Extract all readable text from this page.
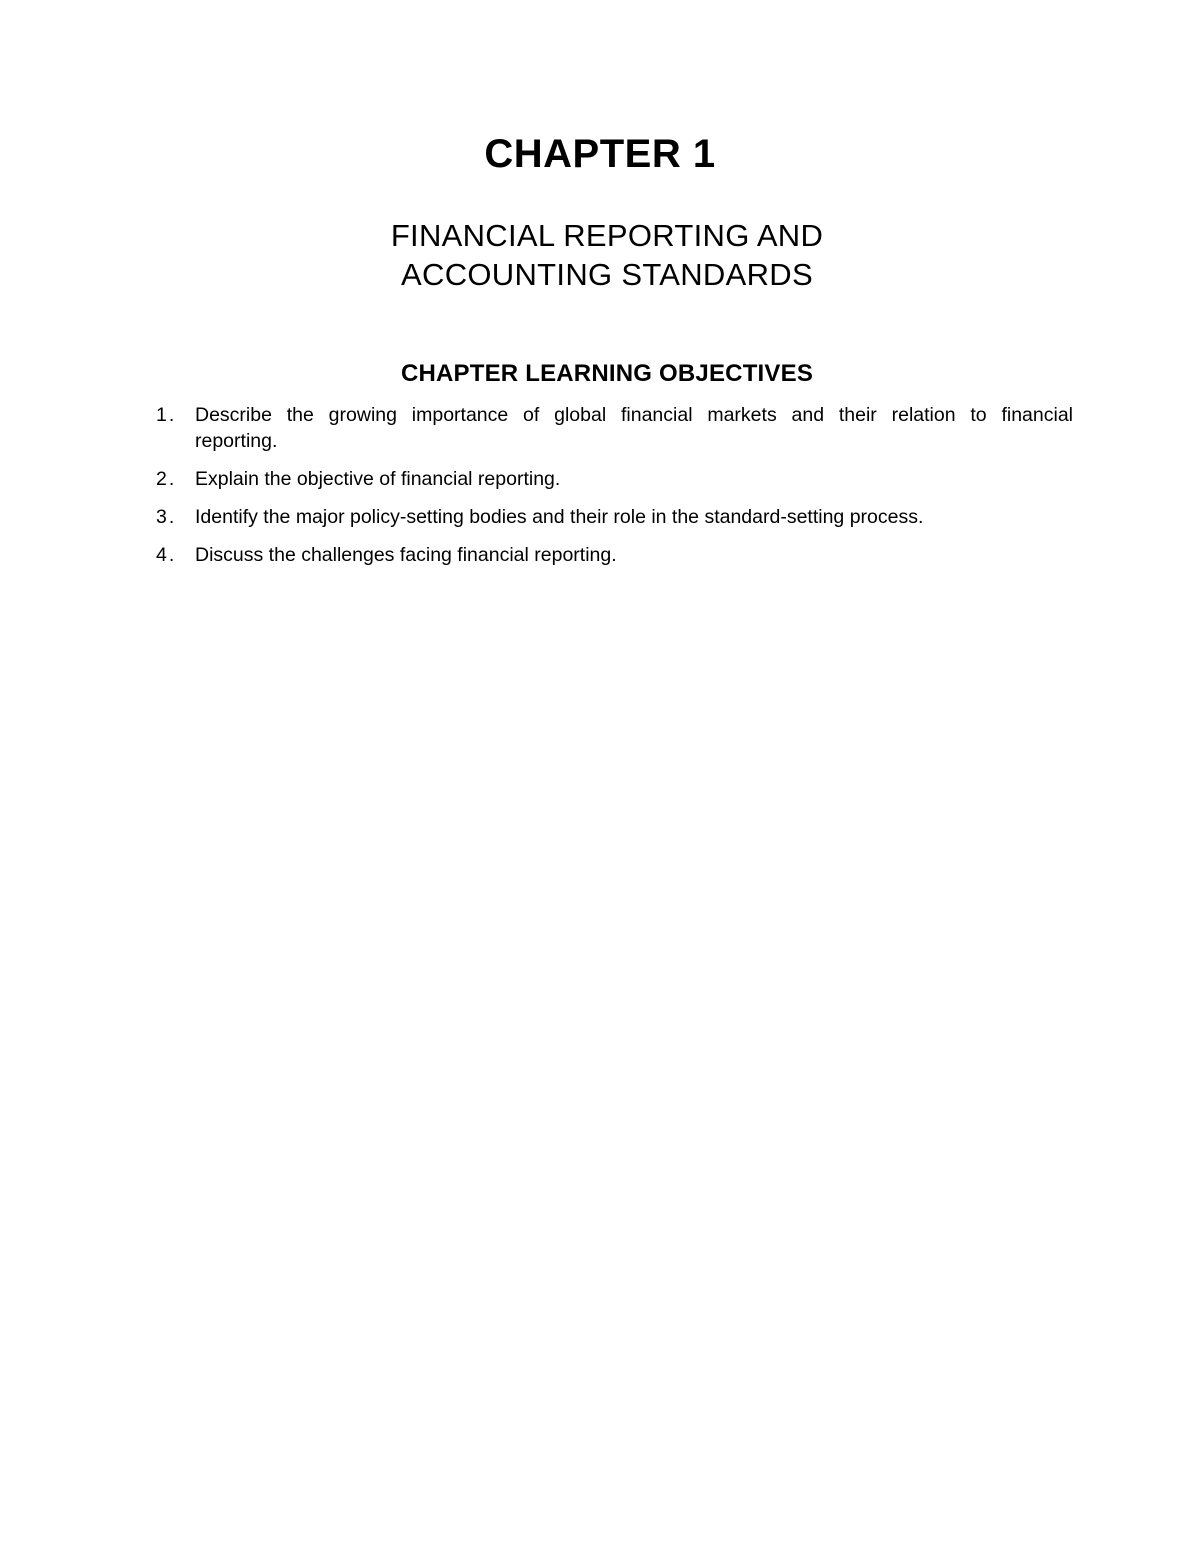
CHAPTER 1
FINANCIAL REPORTING AND
ACCOUNTING STANDARDS
CHAPTER LEARNING OBJECTIVES
1. Describe the growing importance of global financial markets and their relation to financial reporting.
2. Explain the objective of financial reporting.
3. Identify the major policy-setting bodies and their role in the standard-setting process.
4. Discuss the challenges facing financial reporting.
